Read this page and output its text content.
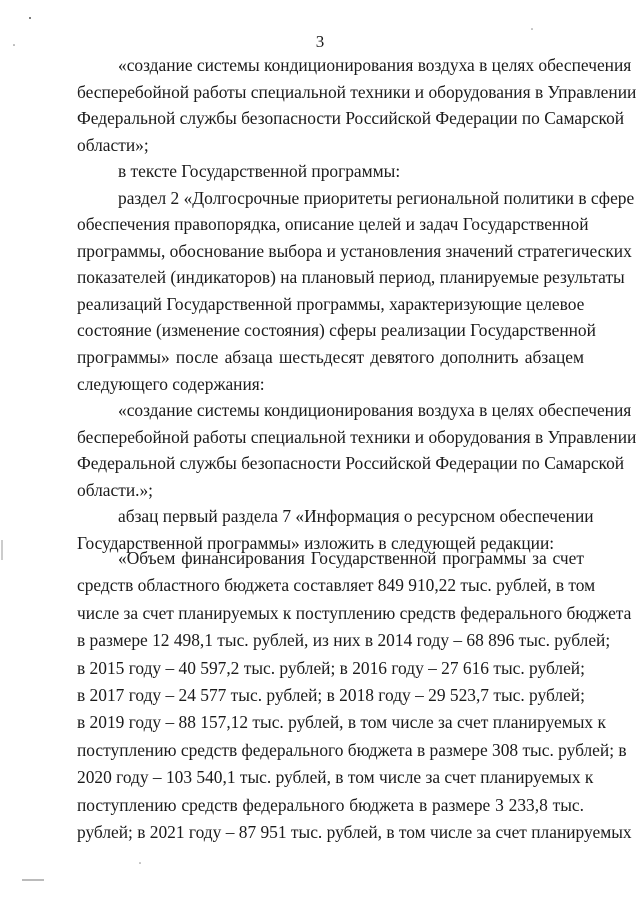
3
«создание системы кондиционирования воздуха в целях обеспечения
бесперебойной работы специальной техники и оборудования в Управлении
Федеральной службы безопасности Российской Федерации по Самарской
области»;
в тексте Государственной программы:
раздел 2 «Долгосрочные приоритеты региональной политики в сфере
обеспечения правопорядка, описание целей и задач Государственной
программы, обоснование выбора и установления значений стратегических
показателей (индикаторов) на плановый период, планируемые результаты
реализаций Государственной программы, характеризующие целевое
состояние (изменение состояния) сферы реализации Государственной
программы» после абзаца шестьдесят девятого дополнить абзацем
следующего содержания:
«создание системы кондиционирования воздуха в целях обеспечения
бесперебойной работы специальной техники и оборудования в Управлении
Федеральной службы безопасности Российской Федерации по Самарской
области.»;
абзац первый раздела 7 «Информация о ресурсном обеспечении
Государственной программы» изложить в следующей редакции:
«Объем финансирования Государственной программы за счет
средств областного бюджета составляет 849 910,22 тыс. рублей, в том
числе за счет планируемых к поступлению средств федерального бюджета
в размере 12 498,1 тыс. рублей, из них в 2014 году – 68 896 тыс. рублей;
в 2015 году – 40 597,2 тыс. рублей; в 2016 году – 27 616 тыс. рублей;
в 2017 году – 24 577 тыс. рублей; в 2018 году – 29 523,7 тыс. рублей;
в 2019 году – 88 157,12 тыс. рублей, в том числе за счет планируемых к
поступлению средств федерального бюджета в размере 308 тыс. рублей; в
2020 году – 103 540,1 тыс. рублей, в том числе за счет планируемых к
поступлению средств федерального бюджета в размере 3 233,8 тыс.
рублей; в 2021 году – 87 951 тыс. рублей, в том числе за счет планируемых
